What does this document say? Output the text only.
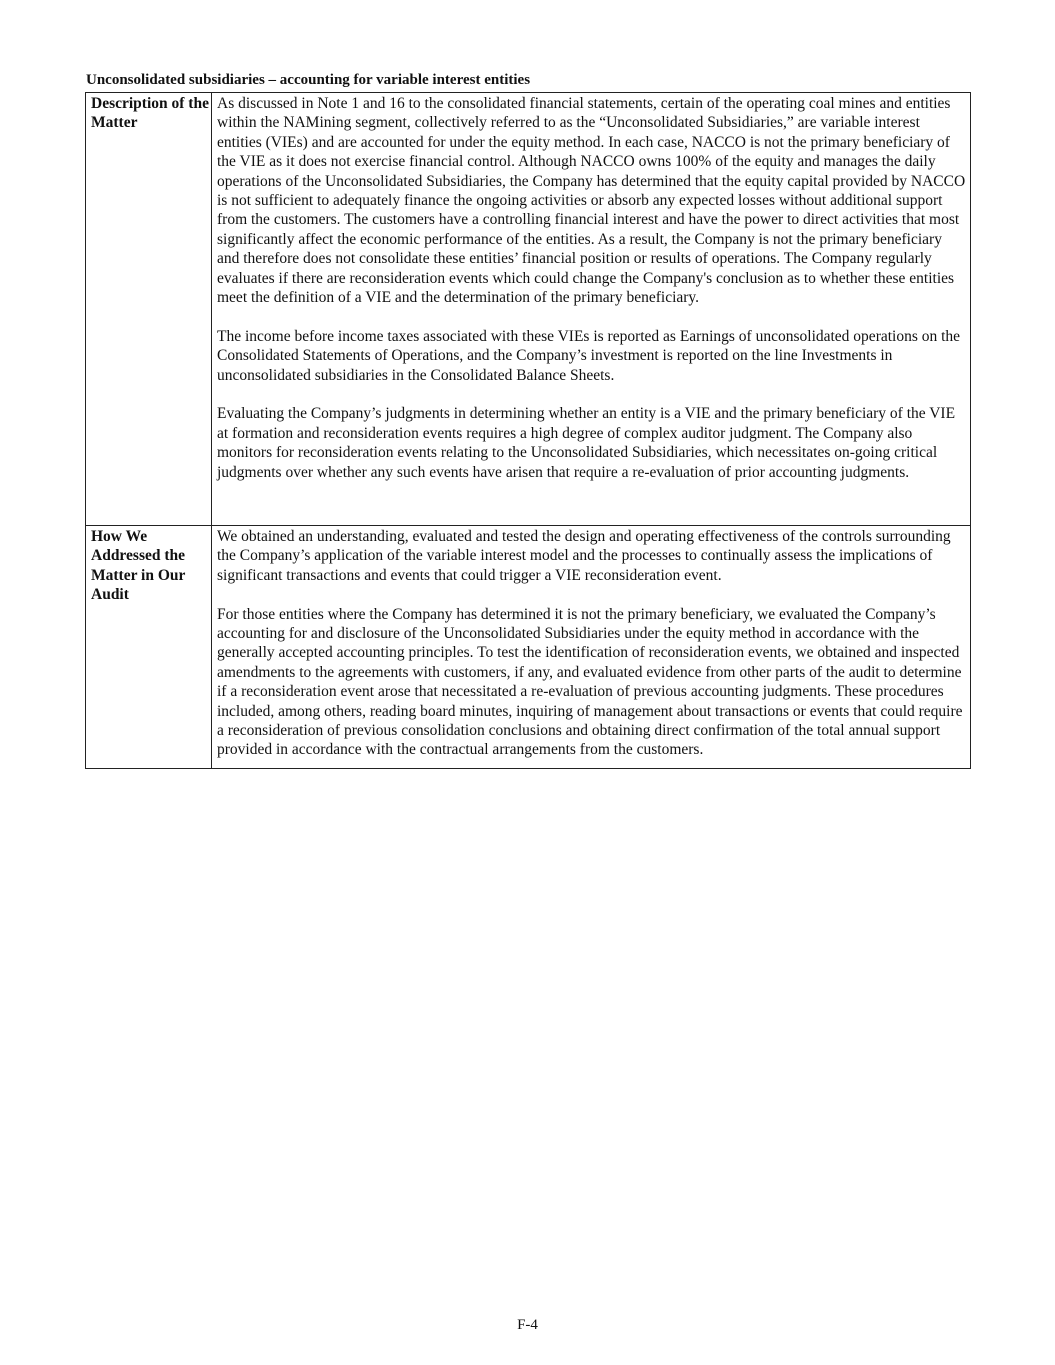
Unconsolidated subsidiaries – accounting for variable interest entities
Description of the Matter	As discussed in Note 1 and 16 to the consolidated financial statements, certain of the operating coal mines and entities within the NAMining segment, collectively referred to as the “Unconsolidated Subsidiaries,” are variable interest entities (VIEs) and are accounted for under the equity method. In each case, NACCO is not the primary beneficiary of the VIE as it does not exercise financial control. Although NACCO owns 100% of the equity and manages the daily operations of the Unconsolidated Subsidiaries, the Company has determined that the equity capital provided by NACCO is not sufficient to adequately finance the ongoing activities or absorb any expected losses without additional support from the customers. The customers have a controlling financial interest and have the power to direct activities that most significantly affect the economic performance of the entities. As a result, the Company is not the primary beneficiary and therefore does not consolidate these entities’ financial position or results of operations. The Company regularly evaluates if there are reconsideration events which could change the Company's conclusion as to whether these entities meet the definition of a VIE and the determination of the primary beneficiary.

The income before income taxes associated with these VIEs is reported as Earnings of unconsolidated operations on the Consolidated Statements of Operations, and the Company’s investment is reported on the line Investments in unconsolidated subsidiaries in the Consolidated Balance Sheets.

Evaluating the Company’s judgments in determining whether an entity is a VIE and the primary beneficiary of the VIE at formation and reconsideration events requires a high degree of complex auditor judgment. The Company also monitors for reconsideration events relating to the Unconsolidated Subsidiaries, which necessitates on-going critical judgments over whether any such events have arisen that require a re-evaluation of prior accounting judgments.

How We Addressed the Matter in Our Audit	We obtained an understanding, evaluated and tested the design and operating effectiveness of the controls surrounding the Company’s application of the variable interest model and the processes to continually assess the implications of significant transactions and events that could trigger a VIE reconsideration event.

For those entities where the Company has determined it is not the primary beneficiary, we evaluated the Company’s accounting for and disclosure of the Unconsolidated Subsidiaries under the equity method in accordance with the generally accepted accounting principles. To test the identification of reconsideration events, we obtained and inspected amendments to the agreements with customers, if any, and evaluated evidence from other parts of the audit to determine if a reconsideration event arose that necessitated a re-evaluation of previous accounting judgments. These procedures included, among others, reading board minutes, inquiring of management about transactions or events that could require a reconsideration of previous consolidation conclusions and obtaining direct confirmation of the total annual support provided in accordance with the contractual arrangements from the customers.

F-4
